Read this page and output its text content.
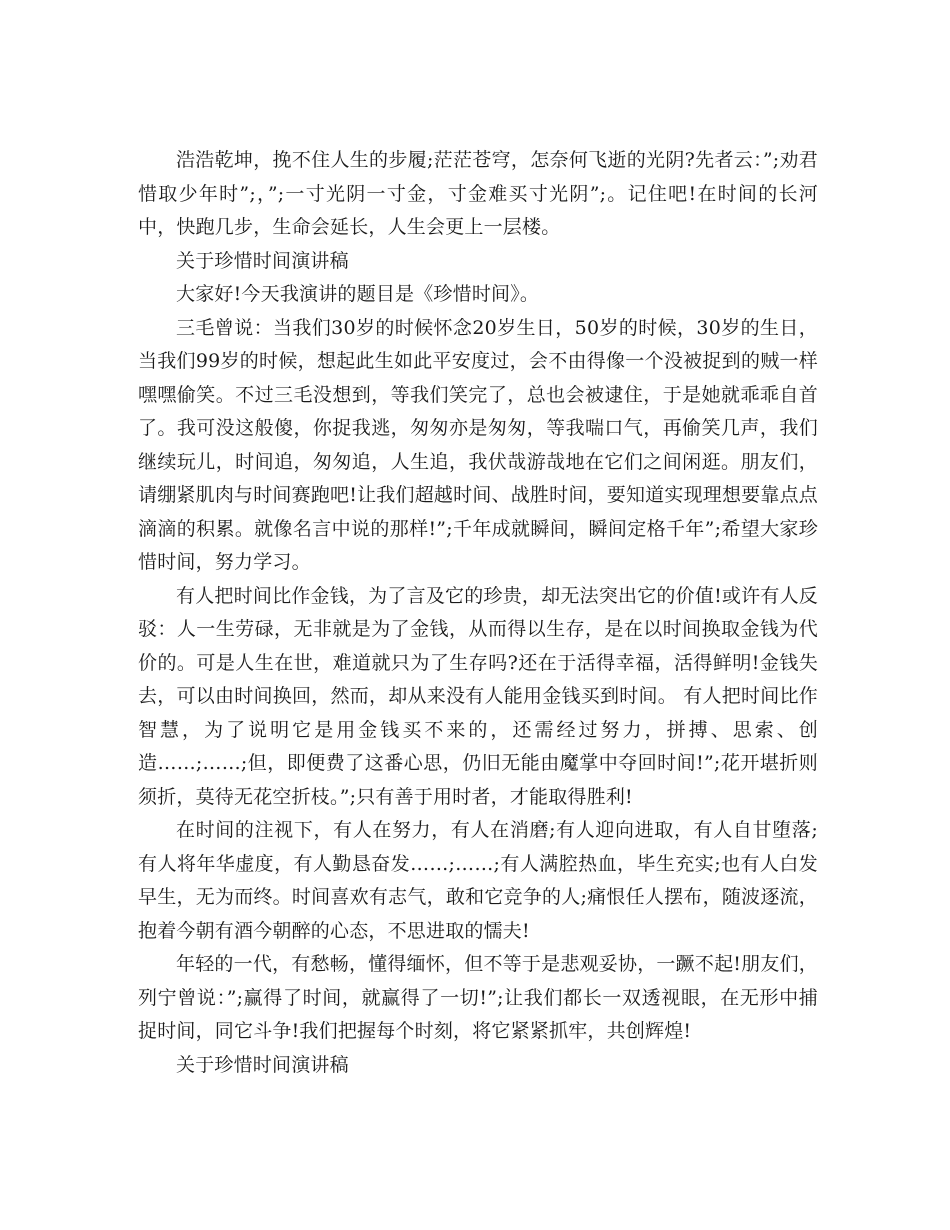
浩浩乾坤，挽不住人生的步履;茫茫苍穹，怎奈何飞逝的光阴?先者云：”;劝君惜取少年时”;，”;一寸光阴一寸金，寸金难买寸光阴”;。记住吧!在时间的长河中，快跑几步，生命会延长，人生会更上一层楼。

关于珍惜时间演讲稿

大家好!今天我演讲的题目是《珍惜时间》。

三毛曾说：当我们30岁的时候怀念20岁生日，50岁的时候，30岁的生日，当我们99岁的时候，想起此生如此平安度过，会不由得像一个没被捉到的贼一样嘿嘿偷笑。不过三毛没想到，等我们笑完了，总也会被逮住，于是她就乖乖自首了。我可没这般傻，你捉我逃，匆匆亦是匆匆，等我喘口气，再偷笑几声，我们继续玩儿，时间追，匆匆追，人生追，我伏哉游哉地在它们之间闲逛。朋友们，请绷紧肌肉与时间赛跑吧!让我们超越时间、战胜时间，要知道实现理想要靠点点滴滴的积累。就像名言中说的那样!”;千年成就瞬间，瞬间定格千年”;希望大家珍惜时间，努力学习。

有人把时间比作金钱，为了言及它的珍贵，却无法突出它的价值!或许有人反驳：人一生劳碌，无非就是为了金钱，从而得以生存，是在以时间换取金钱为代价的。可是人生在世，难道就只为了生存吗?还在于活得幸福，活得鲜明!金钱失去，可以由时间换回，然而，却从来没有人能用金钱买到时间。 有人把时间比作智慧，为了说明它是用金钱买不来的，还需经过努力，拼搏、思索、创造……;……;但，即便费了这番心思，仍旧无能由魔掌中夺回时间!”;花开堪折则须折，莫待无花空折枝。”;只有善于用时者，才能取得胜利!

在时间的注视下，有人在努力，有人在消磨;有人迎向进取，有人自甘堕落;有人将年华虚度，有人勤恳奋发……;……;有人满腔热血，毕生充实;也有人白发早生，无为而终。时间喜欢有志气，敢和它竞争的人;痛恨任人摆布，随波逐流，抱着今朝有酒今朝醉的心态，不思进取的懦夫!

年轻的一代，有愁畅，懂得缅怀，但不等于是悲观妥协，一蹶不起!朋友们，列宁曾说：”;赢得了时间，就赢得了一切!”;让我们都长一双透视眼，在无形中捕捉时间，同它斗争!我们把握每个时刻，将它紧紧抓牢，共创辉煌!

关于珍惜时间演讲稿
